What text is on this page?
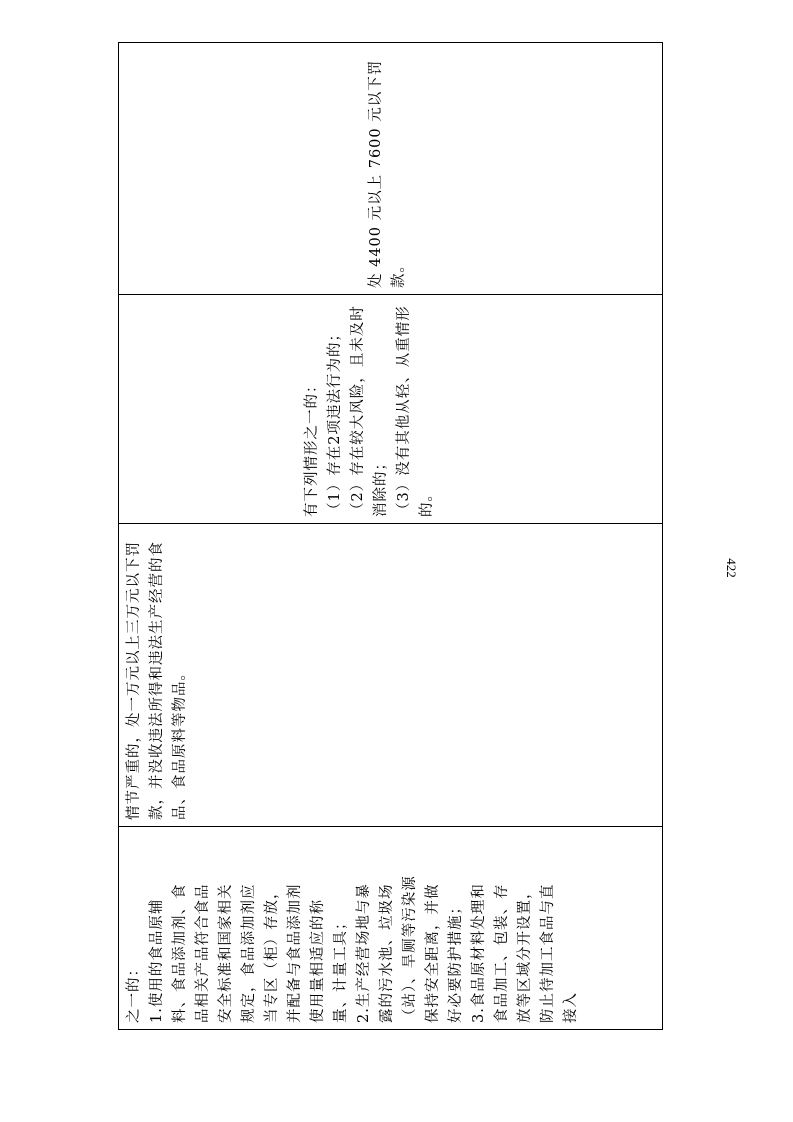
之一的：
1.使用的食品原辅料、食品添加剂、食品相关产品符合食品安全标准和国家相关规定，食品添加剂应当专区（柜）存放，并配备与食品添加剂使用量相适应的称量、计量工具；
2.生产经营场地与暴露的污水池、垃圾场（站）、旱厕等污染源保持安全距离，并做好必要防护措施；
3.食品原材料处理和食品加工、包装、存放等区域分开设置，防止待加工食品与直接入

情节严重的，处一万元以上三万元以下罚款，并没收违法所得和违法生产经营的食品、食品原料等物品。

有下列情形之一的：
（1）存在2项违法行为的；
（2）存在较大风险，且未及时消除的；
（3）没有其他从轻、从重情形的。

处 4400 元以上 7600 元以下罚款。
422
